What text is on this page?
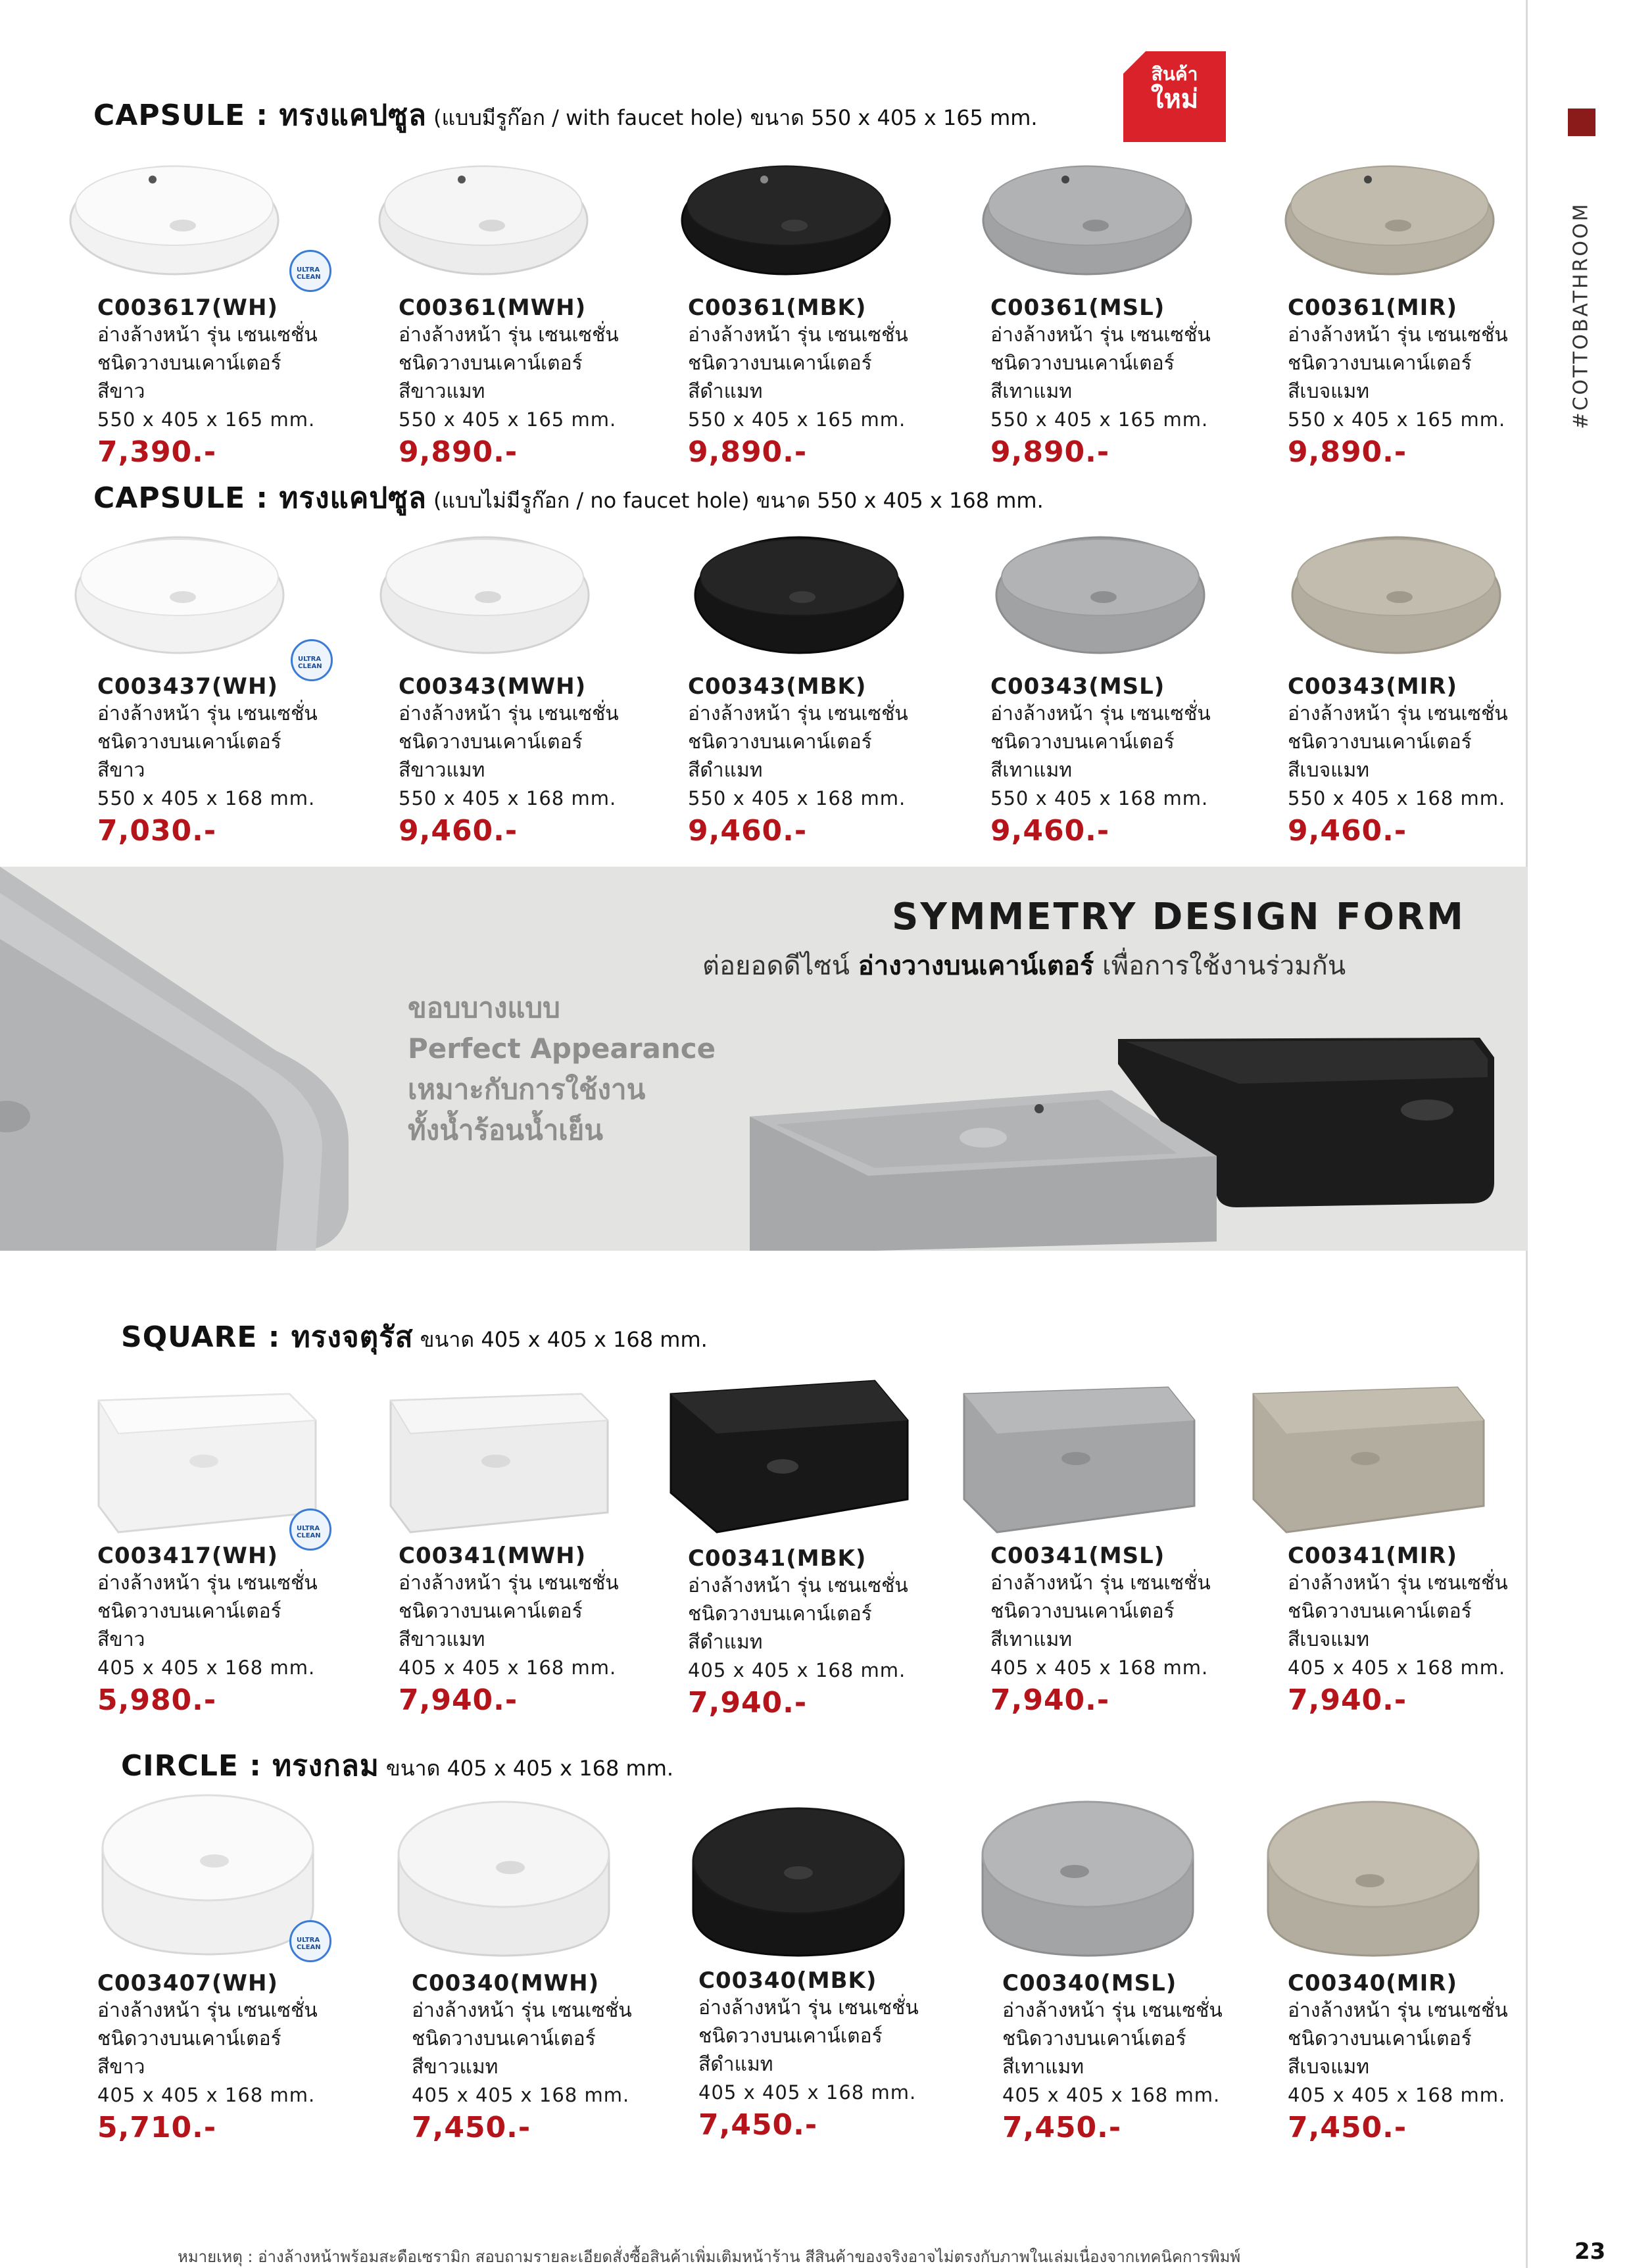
#COTTOBATHROOM
CAPSULE : ทรงแคปซูล (แบบมีรูก๊อก / with faucet hole) ขนาด 550 x 405 x 165 mm.
สินค้า
ใหม่
ULTRA CLEAN
C003617(WH)
อ่างล้างหน้า รุ่น เซนเซชั่น
ชนิดวางบนเคาน์เตอร์
สีขาว
550 x 405 x 165 mm.
7,390.-
C00361(MWH)
อ่างล้างหน้า รุ่น เซนเซชั่น
ชนิดวางบนเคาน์เตอร์
สีขาวแมท
550 x 405 x 165 mm.
9,890.-
C00361(MBK)
อ่างล้างหน้า รุ่น เซนเซชั่น
ชนิดวางบนเคาน์เตอร์
สีดำแมท
550 x 405 x 165 mm.
9,890.-
C00361(MSL)
อ่างล้างหน้า รุ่น เซนเซชั่น
ชนิดวางบนเคาน์เตอร์
สีเทาแมท
550 x 405 x 165 mm.
9,890.-
C00361(MIR)
อ่างล้างหน้า รุ่น เซนเซชั่น
ชนิดวางบนเคาน์เตอร์
สีเบจแมท
550 x 405 x 165 mm.
9,890.-
CAPSULE : ทรงแคปซูล (แบบไม่มีรูก๊อก / no faucet hole) ขนาด 550 x 405 x 168 mm.
ULTRA CLEAN
C003437(WH)
อ่างล้างหน้า รุ่น เซนเซชั่น
ชนิดวางบนเคาน์เตอร์
สีขาว
550 x 405 x 168 mm.
7,030.-
C00343(MWH)
อ่างล้างหน้า รุ่น เซนเซชั่น
ชนิดวางบนเคาน์เตอร์
สีขาวแมท
550 x 405 x 168 mm.
9,460.-
C00343(MBK)
อ่างล้างหน้า รุ่น เซนเซชั่น
ชนิดวางบนเคาน์เตอร์
สีดำแมท
550 x 405 x 168 mm.
9,460.-
C00343(MSL)
อ่างล้างหน้า รุ่น เซนเซชั่น
ชนิดวางบนเคาน์เตอร์
สีเทาแมท
550 x 405 x 168 mm.
9,460.-
C00343(MIR)
อ่างล้างหน้า รุ่น เซนเซชั่น
ชนิดวางบนเคาน์เตอร์
สีเบจแมท
550 x 405 x 168 mm.
9,460.-
SYMMETRY DESIGN FORM
ต่อยอดดีไซน์ อ่างวางบนเคาน์เตอร์ เพื่อการใช้งานร่วมกัน
ขอบบางแบบ
Perfect Appearance
เหมาะกับการใช้งาน
ทั้งน้ำร้อนน้ำเย็น
SQUARE : ทรงจตุรัส ขนาด 405 x 405 x 168 mm.
ULTRA CLEAN
C003417(WH)
อ่างล้างหน้า รุ่น เซนเซชั่น
ชนิดวางบนเคาน์เตอร์
สีขาว
405 x 405 x 168 mm.
5,980.-
C00341(MWH)
อ่างล้างหน้า รุ่น เซนเซชั่น
ชนิดวางบนเคาน์เตอร์
สีขาวแมท
405 x 405 x 168 mm.
7,940.-
C00341(MBK)
อ่างล้างหน้า รุ่น เซนเซชั่น
ชนิดวางบนเคาน์เตอร์
สีดำแมท
405 x 405 x 168 mm.
7,940.-
C00341(MSL)
อ่างล้างหน้า รุ่น เซนเซชั่น
ชนิดวางบนเคาน์เตอร์
สีเทาแมท
405 x 405 x 168 mm.
7,940.-
C00341(MIR)
อ่างล้างหน้า รุ่น เซนเซชั่น
ชนิดวางบนเคาน์เตอร์
สีเบจแมท
405 x 405 x 168 mm.
7,940.-
CIRCLE : ทรงกลม ขนาด 405 x 405 x 168 mm.
ULTRA CLEAN
C003407(WH)
อ่างล้างหน้า รุ่น เซนเซชั่น
ชนิดวางบนเคาน์เตอร์
สีขาว
405 x 405 x 168 mm.
5,710.-
C00340(MWH)
อ่างล้างหน้า รุ่น เซนเซชั่น
ชนิดวางบนเคาน์เตอร์
สีขาวแมท
405 x 405 x 168 mm.
7,450.-
C00340(MBK)
อ่างล้างหน้า รุ่น เซนเซชั่น
ชนิดวางบนเคาน์เตอร์
สีดำแมท
405 x 405 x 168 mm.
7,450.-
C00340(MSL)
อ่างล้างหน้า รุ่น เซนเซชั่น
ชนิดวางบนเคาน์เตอร์
สีเทาแมท
405 x 405 x 168 mm.
7,450.-
C00340(MIR)
อ่างล้างหน้า รุ่น เซนเซชั่น
ชนิดวางบนเคาน์เตอร์
สีเบจแมท
405 x 405 x 168 mm.
7,450.-
หมายเหตุ : อ่างล้างหน้าพร้อมสะดือเซรามิก สอบถามรายละเอียดสั่งซื้อสินค้าเพิ่มเติมหน้าร้าน สีสินค้าของจริงอาจไม่ตรงกับภาพในเล่มเนื่องจากเทคนิคการพิมพ์	23
